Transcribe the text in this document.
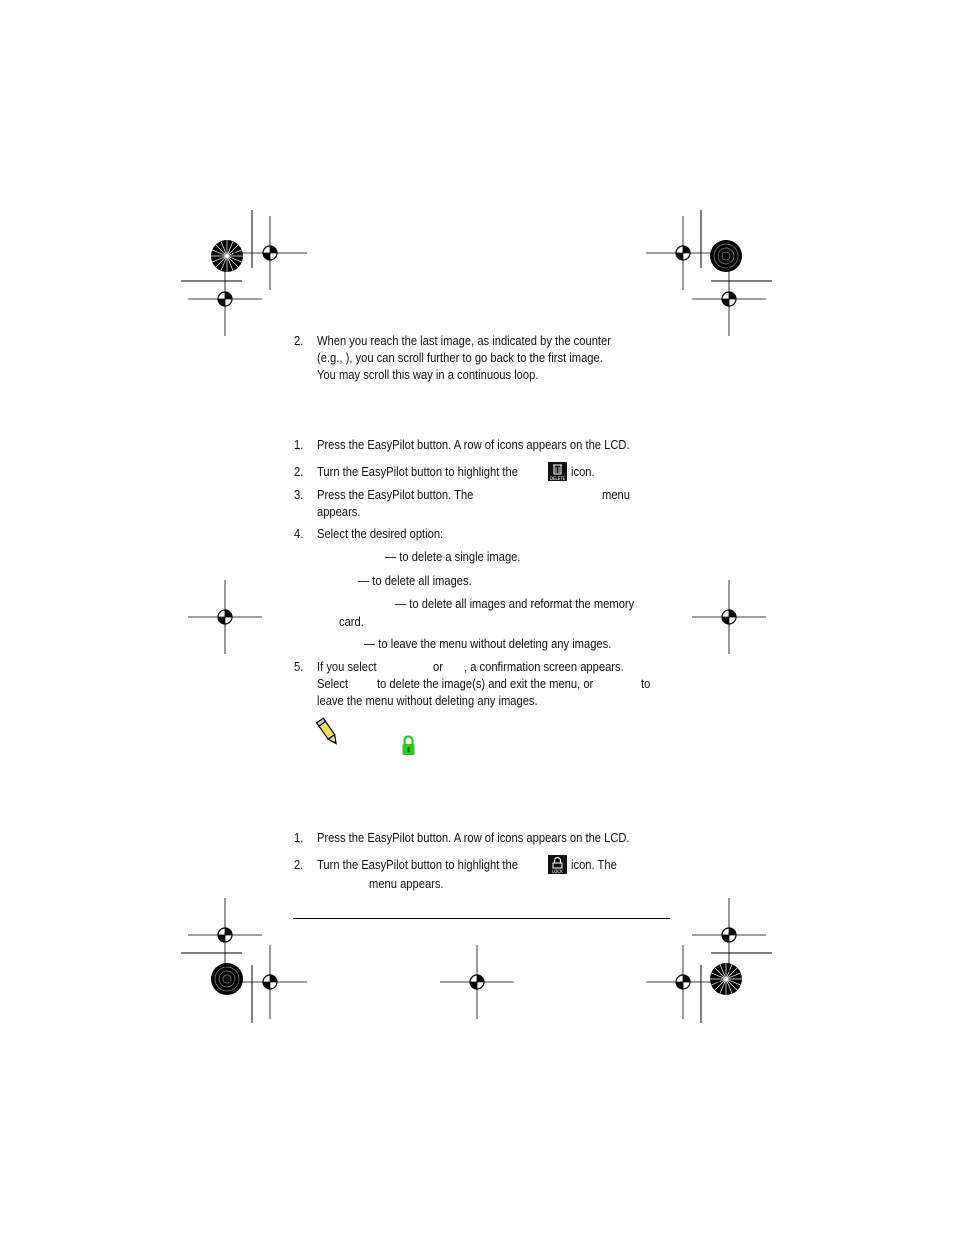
2. When you reach the last image, as indicated by the counter
(e.g., ), you can scroll further to go back to the first image.
You may scroll this way in a continuous loop.
1. Press the EasyPilot button. A row of icons appears on the LCD.
2. Turn the EasyPilot button to highlight the	DELETE icon.
3. Press the EasyPilot button. The	menu
appears.
4. Select the desired option:
— to delete a single image.
— to delete all images.
— to delete all images and reformat the memory
card.
— to leave the menu without deleting any images.
5. If you select	or , a confirmation screen appears.
Select to delete the image(s) and exit the menu, or	to
leave the menu without deleting any images.
1. Press the EasyPilot button. A row of icons appears on the LCD.
2. Turn the EasyPilot button to highlight the	LOCK icon. The
menu appears.
